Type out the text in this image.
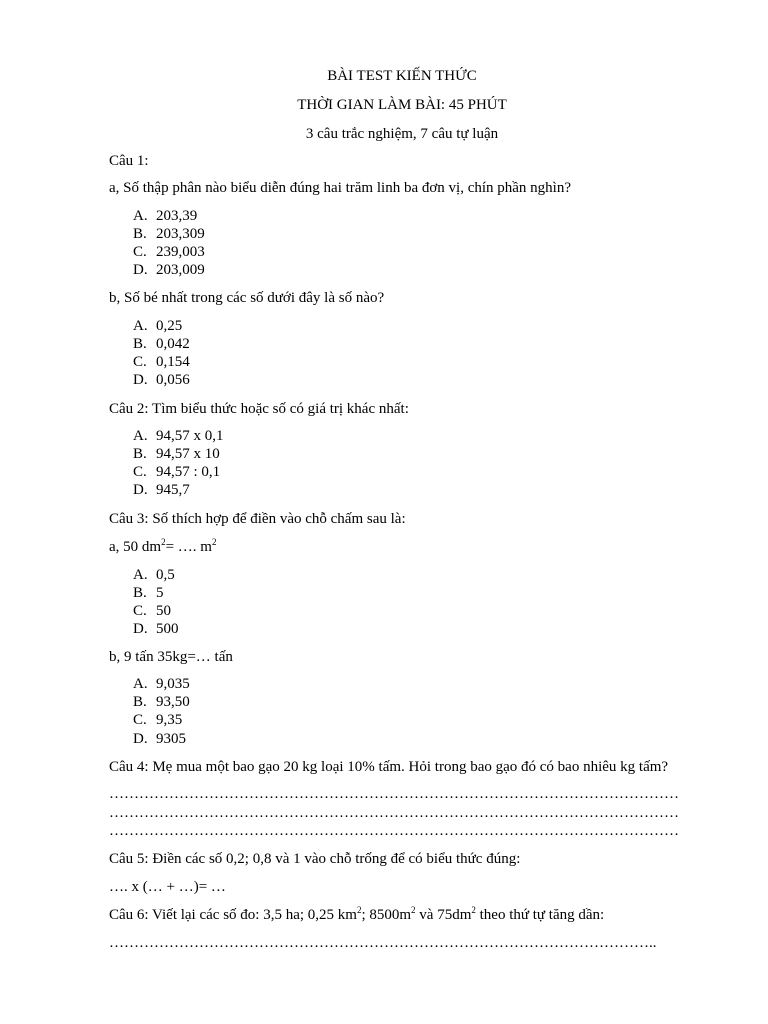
BÀI TEST KIẾN THỨC
THỜI GIAN LÀM BÀI: 45 PHÚT
3 câu trắc nghiệm, 7 câu tự luận
Câu 1:
a, Số thập phân nào biểu diễn đúng hai trăm linh ba đơn vị, chín phần nghìn?
A. 203,39
B. 203,309
C. 239,003
D. 203,009
b, Số bé nhất trong các số dưới đây là số nào?
A. 0,25
B. 0,042
C. 0,154
D. 0,056
Câu 2: Tìm biểu thức hoặc số có giá trị khác nhất:
A. 94,57 x 0,1
B. 94,57 x 10
C. 94,57 : 0,1
D. 945,7
Câu 3: Số thích hợp để điền vào chỗ chấm sau là:
a, 50 $dm^2=$ …. $m^2$
A. 0,5
B. 5
C. 50
D. 500
b, 9 tấn 35kg=… tấn
A. 9,035
B. 93,50
C. 9,35
D. 9305
Câu 4: Mẹ mua một bao gạo 20 kg loại 10% tấm. Hỏi trong bao gạo đó có bao nhiêu kg tấm?
……………………………………………………………………………………………………
……………………………………………………………………………………………………
……………………………………………………………………………………………………
Câu 5: Điền các số 0,2; 0,8 và 1 vào chỗ trống để có biểu thức đúng:
…. x (… + …)= …
Câu 6: Viết lại các số đo: 3,5 ha; 0,25 $km^2$; $8500m^2$ và $75dm^2$ theo thứ tự tăng dần:
………………………………………………………………………………………………..
